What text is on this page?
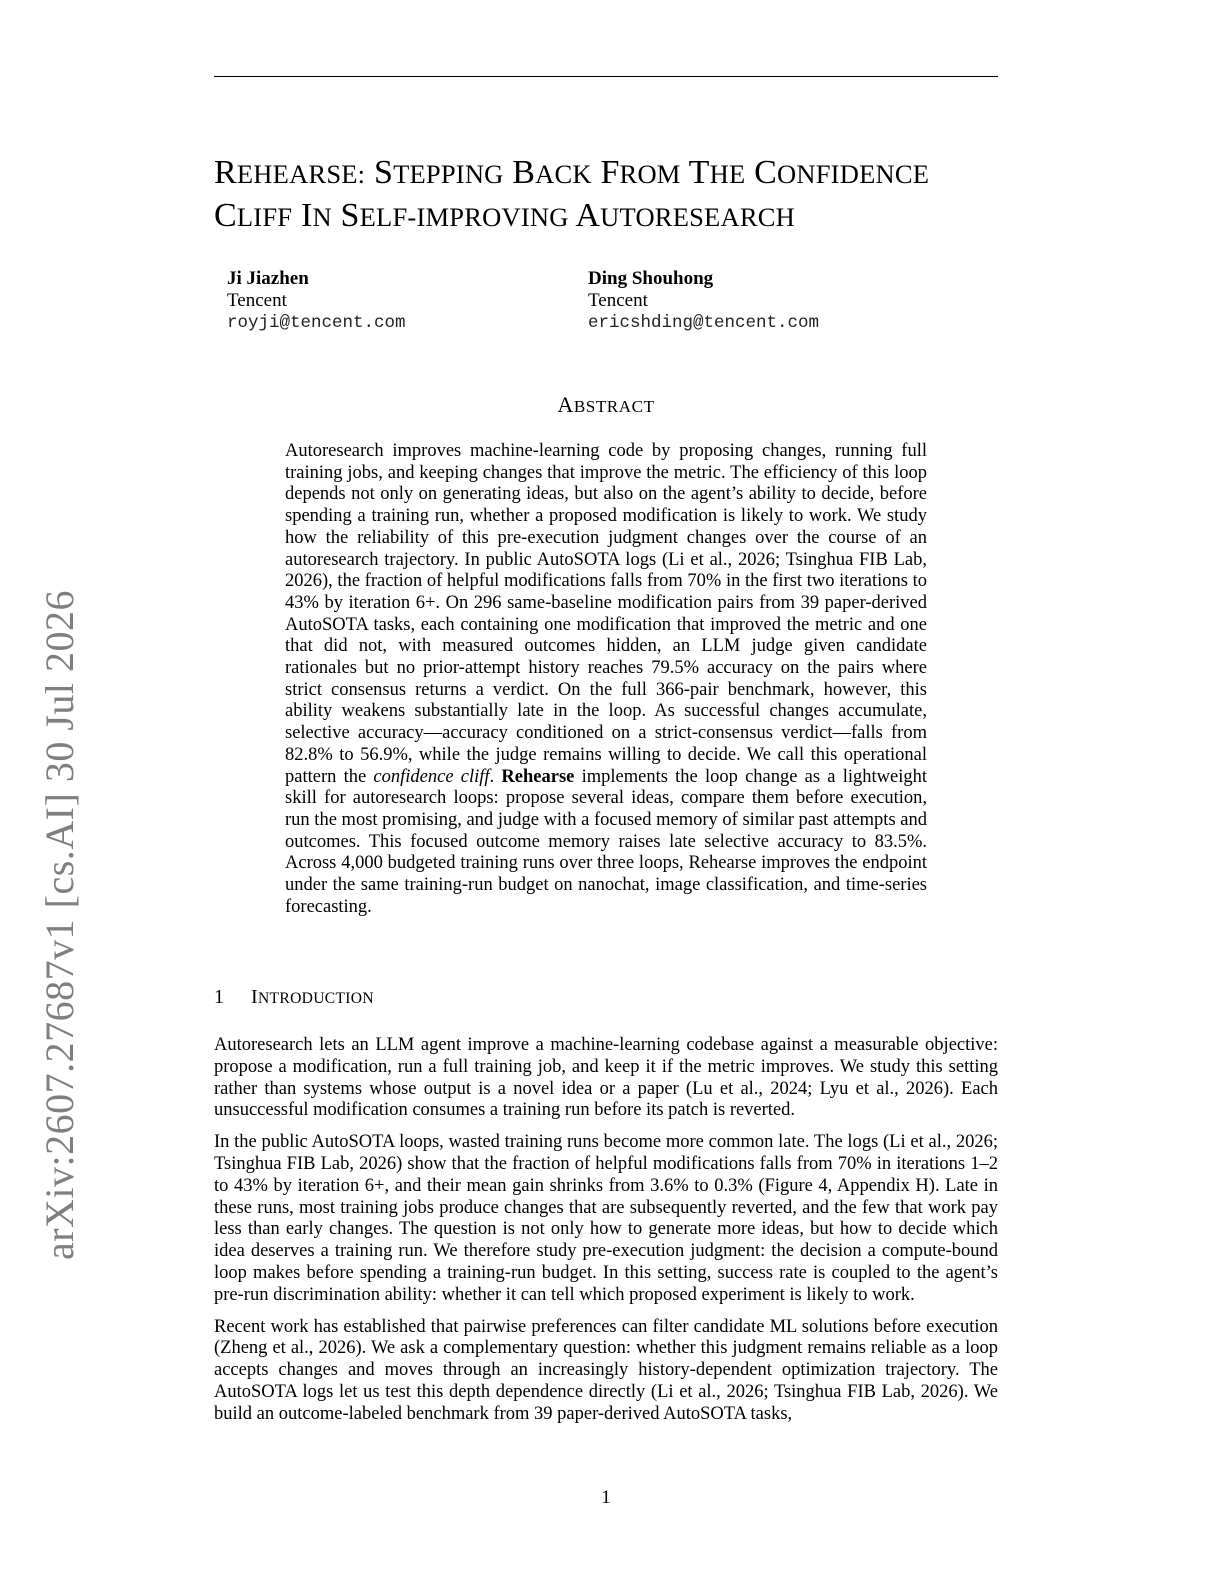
arXiv:2607.27687v1 [cs.AI] 30 Jul 2026
REHEARSE: STEPPING BACK FROM THE CONFIDENCE
CLIFF IN SELF-IMPROVING AUTORESEARCH
Ji Jiazhen
Tencent
royji@tencent.com
Ding Shouhong
Tencent
ericshding@tencent.com
ABSTRACT
Autoresearch improves machine-learning code by proposing changes, running full training jobs, and keeping changes that improve the metric. The efficiency of this loop depends not only on generating ideas, but also on the agent’s ability to decide, before spending a training run, whether a proposed modification is likely to work. We study how the reliability of this pre-execution judgment changes over the course of an autoresearch trajectory. In public AutoSOTA logs (Li et al., 2026; Tsinghua FIB Lab, 2026), the fraction of helpful modifications falls from 70% in the first two iterations to 43% by iteration 6+. On 296 same-baseline modification pairs from 39 paper-derived AutoSOTA tasks, each containing one modification that improved the metric and one that did not, with measured outcomes hidden, an LLM judge given candidate rationales but no prior-attempt history reaches 79.5% accuracy on the pairs where strict consensus returns a verdict. On the full 366-pair benchmark, however, this ability weakens substantially late in the loop. As successful changes accumulate, selective accuracy—accuracy conditioned on a strict-consensus verdict—falls from 82.8% to 56.9%, while the judge remains willing to decide. We call this operational pattern the confidence cliff. Rehearse implements the loop change as a lightweight skill for autoresearch loops: propose several ideas, compare them before execution, run the most promising, and judge with a focused memory of similar past attempts and outcomes. This focused outcome memory raises late selective accuracy to 83.5%. Across 4,000 budgeted training runs over three loops, Rehearse improves the endpoint under the same training-run budget on nanochat, image classification, and time-series forecasting.
1 INTRODUCTION

Autoresearch lets an LLM agent improve a machine-learning codebase against a measurable objective: propose a modification, run a full training job, and keep it if the metric improves. We study this setting rather than systems whose output is a novel idea or a paper (Lu et al., 2024; Lyu et al., 2026). Each unsuccessful modification consumes a training run before its patch is reverted.

In the public AutoSOTA loops, wasted training runs become more common late. The logs (Li et al., 2026; Tsinghua FIB Lab, 2026) show that the fraction of helpful modifications falls from 70% in iterations 1–2 to 43% by iteration 6+, and their mean gain shrinks from 3.6% to 0.3% (Figure 4, Appendix H). Late in these runs, most training jobs produce changes that are subsequently reverted, and the few that work pay less than early changes. The question is not only how to generate more ideas, but how to decide which idea deserves a training run. We therefore study pre-execution judgment: the decision a compute-bound loop makes before spending a training-run budget. In this setting, success rate is coupled to the agent’s pre-run discrimination ability: whether it can tell which proposed experiment is likely to work.

Recent work has established that pairwise preferences can filter candidate ML solutions before execution (Zheng et al., 2026). We ask a complementary question: whether this judgment remains reliable as a loop accepts changes and moves through an increasingly history-dependent optimization trajectory. The AutoSOTA logs let us test this depth dependence directly (Li et al., 2026; Tsinghua FIB Lab, 2026). We build an outcome-labeled benchmark from 39 paper-derived AutoSOTA tasks,

1
